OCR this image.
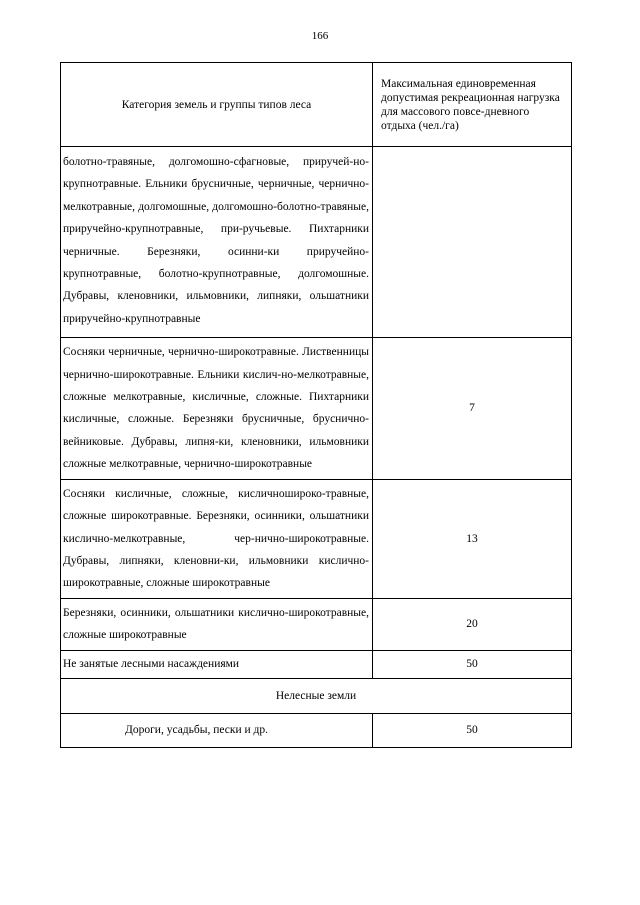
166
Категория земель и группы типов леса	Максимальная единовременная допустимая рекреационная нагрузка для массового повсе-дневного отдыха (чел./га)
болотно-травяные, долгомошно-сфагновые, приручей-но-крупнотравные. Ельники брусничные, черничные, чернично-мелкотравные, долгомошные, долгомошно-болотно-травяные, приручейно-крупнотравные, при-ручьевые. Пихтарники черничные. Березняки, осинни-ки приручейно-крупнотравные, болотно-крупнотравные, долгомошные. Дубравы, кленовники, ильмовники, липняки, ольшатники приручейно-крупнотравные	
Сосняки черничные, чернично-широкотравные. Лиственницы чернично-широкотравные. Ельники кислич-но-мелкотравные, сложные мелкотравные, кисличные, сложные. Пихтарники кисличные, сложные. Березняки брусничные, бруснично-вейниковые. Дубравы, липня-ки, кленовники, ильмовники сложные мелкотравные, чернично-широкотравные	7
Сосняки кисличные, сложные, кисличношироко-травные, сложные широкотравные. Березняки, осинники, ольшатники кислично-мелкотравные, чер-нично-широкотравные. Дубравы, липняки, кленовни-ки, ильмовники кислично-широкотравные, сложные широкотравные	13
Березняки, осинники, ольшатники кислично-широкотравные, сложные широкотравные	20
Не занятые лесными насаждениями	50
Нелесные земли	
Дороги, усадьбы, пески и др.	50
